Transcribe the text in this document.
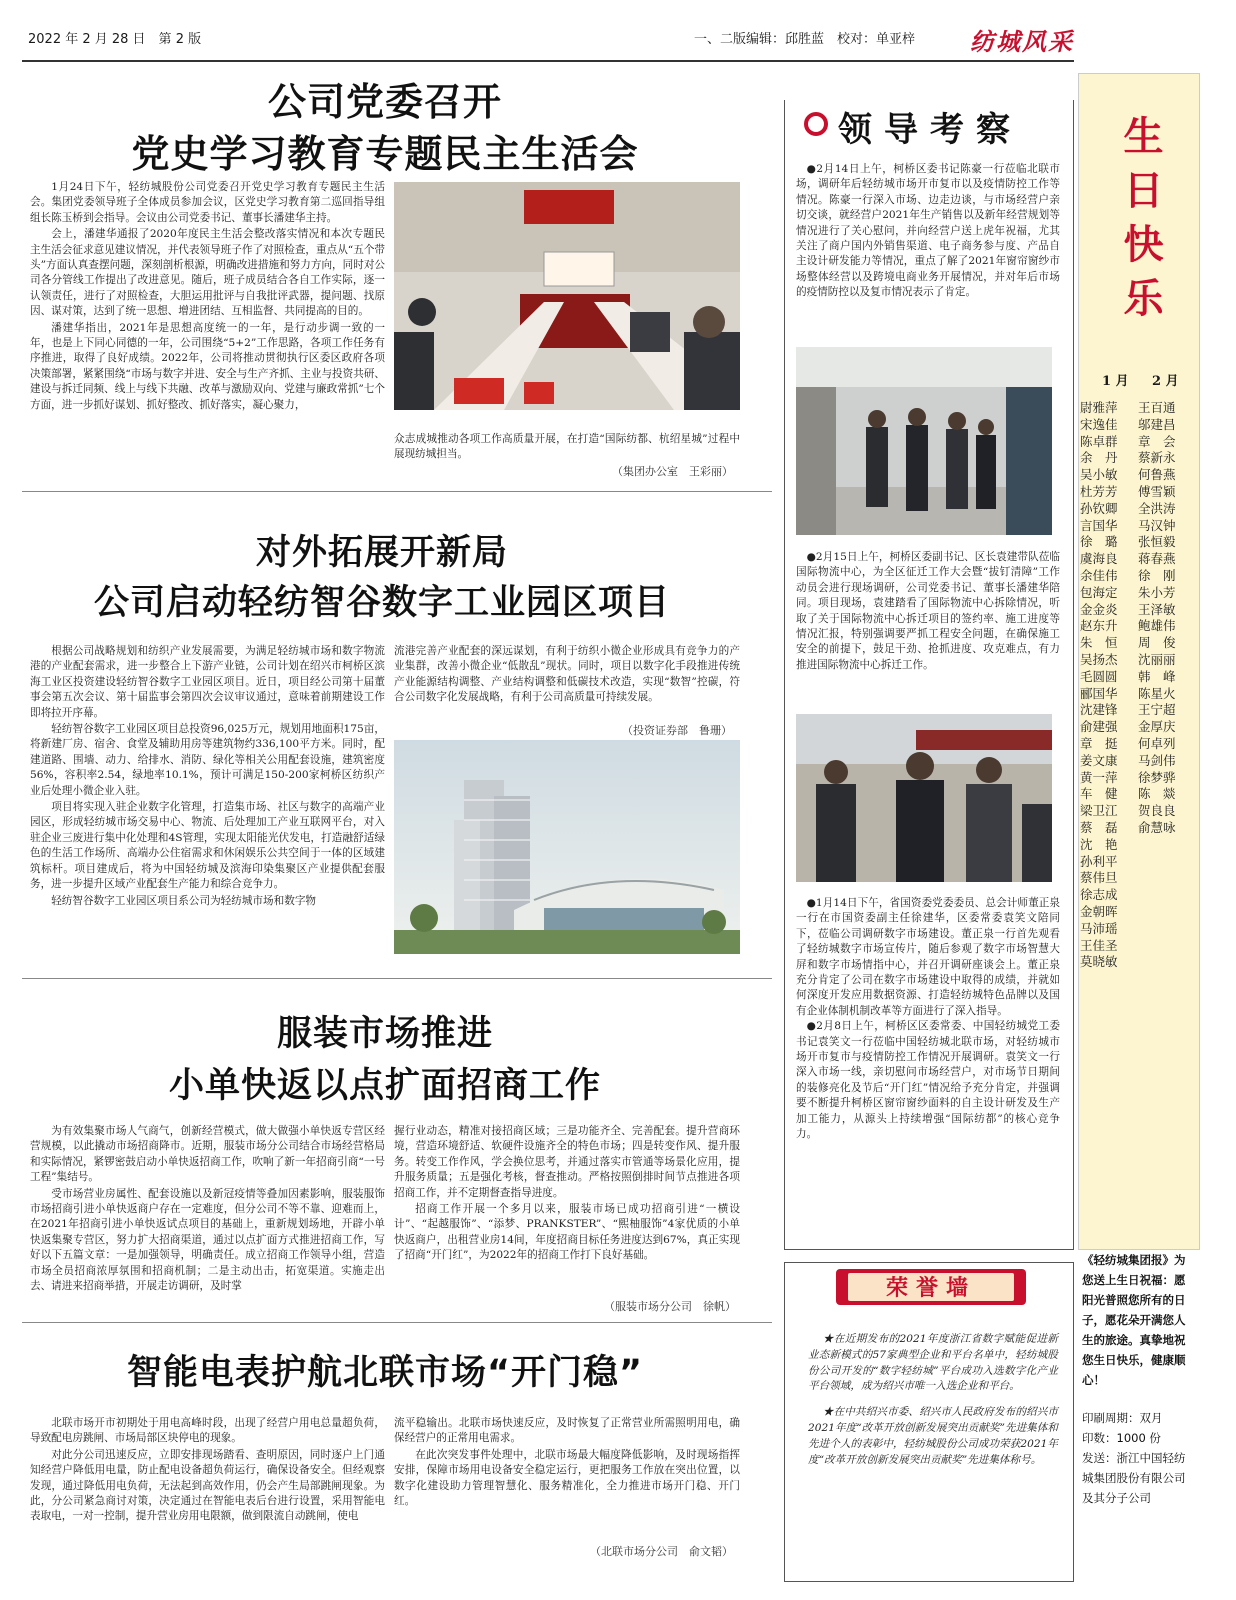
2022 年 2 月 28 日　第 2 版	一、二版编辑：邱胜蓝　校对：单亚梓 纺城风采
公司党委召开
党史学习教育专题民主生活会

1月24日下午，轻纺城股份公司党委召开党史学习教育专题民主生活会。集团党委领导班子全体成员参加会议，区党史学习教育第二巡回指导组组长陈玉桥到会指导。会议由公司党委书记、董事长潘建华主持。

会上，潘建华通报了2020年度民主生活会整改落实情况和本次专题民主生活会征求意见建议情况，并代表领导班子作了对照检查，重点从“五个带头”方面认真查摆问题，深刻剖析根源，明确改进措施和努力方向，同时对公司各分管线工作提出了改进意见。随后，班子成员结合各自工作实际，逐一认领责任，进行了对照检查，大胆运用批评与自我批评武器，提问题、找原因、谋对策，达到了统一思想、增进团结、互相监督、共同提高的目的。

潘建华指出，2021年是思想高度统一的一年，是行动步调一致的一年，也是上下同心同德的一年，公司围绕“5+2”工作思路，各项工作任务有序推进，取得了良好成绩。2022年，公司将推动贯彻执行区委区政府各项决策部署，紧紧围绕“市场与数字并进、安全与生产齐抓、主业与投资共研、建设与拆迁同频、线上与线下共融、改革与激励双向、党建与廉政常抓”七个方面，进一步抓好谋划、抓好整改、抓好落实，凝心聚力，

众志成城推动各项工作高质量开展，在打造“国际纺都、杭绍星城”过程中展现纺城担当。

（集团办公室　王彩丽）
对外拓展开新局
公司启动轻纺智谷数字工业园区项目

根据公司战略规划和纺织产业发展需要，为满足轻纺城市场和数字物流港的产业配套需求，进一步整合上下游产业链，公司计划在绍兴市柯桥区滨海工业区投资建设轻纺智谷数字工业园区项目。近日，项目经公司第十届董事会第五次会议、第十届监事会第四次会议审议通过，意味着前期建设工作即将拉开序幕。

轻纺智谷数字工业园区项目总投资96,025万元，规划用地面积175亩，将新建厂房、宿舍、食堂及辅助用房等建筑物约336,100平方米。同时，配建道路、围墙、动力、给排水、消防、绿化等相关公用配套设施，建筑密度56%，容积率2.54，绿地率10.1%，预计可满足150-200家柯桥区纺织产业后处理小微企业入驻。

项目将实现入驻企业数字化管理，打造集市场、社区与数字的高端产业园区，形成轻纺城市场交易中心、物流、后处理加工产业互联网平台，对入驻企业三废进行集中化处理和4S管理，实现太阳能光伏发电，打造融舒适绿色的生活工作场所、高端办公住宿需求和休闲娱乐公共空间于一体的区域建筑标杆。项目建成后，将为中国轻纺城及滨海印染集聚区产业提供配套服务，进一步提升区域产业配套生产能力和综合竞争力。

轻纺智谷数字工业园区项目系公司为轻纺城市场和数字物

流港完善产业配套的深远谋划，有利于纺织小微企业形成具有竞争力的产业集群，改善小微企业“低散乱”现状。同时，项目以数字化手段推进传统产业能源结构调整、产业结构调整和低碳技术改造，实现“数智”控碳，符合公司数字化发展战略，有利于公司高质量可持续发展。

（投资证券部　鲁珊）
服装市场推进
小单快返以点扩面招商工作

为有效集聚市场人气商气，创新经营模式，做大做强小单快返专营区经营规模，以此撬动市场招商降市。近期，服装市场分公司结合市场经营格局和实际情况，紧锣密鼓启动小单快返招商工作，吹响了新一年招商引商“一号工程”集结号。

受市场营业房属性、配套设施以及新冠疫情等叠加因素影响，服装服饰市场招商引进小单快返商户存在一定难度，但分公司不等不靠、迎难而上，在2021年招商引进小单快返试点项目的基础上，重新规划场地，开辟小单快返集聚专营区，努力扩大招商渠道，通过以点扩面方式推进招商工作，写好以下五篇文章：一是加强领导，明确责任。成立招商工作领导小组，营造市场全员招商浓厚氛围和招商机制；二是主动出击，拓宽渠道。实施走出去、请进来招商举措，开展走访调研，及时掌

握行业动态，精准对接招商区域；三是功能齐全、完善配套。提升营商环境，营造环境舒适、软硬件设施齐全的特色市场；四是转变作风、提升服务。转变工作作风，学会换位思考，并通过落实市管通等场景化应用，提升服务质量；五是强化考核，督查推动。严格按照倒排时间节点推进各项招商工作，并不定期督查指导进度。

招商工作开展一个多月以来，服装市场已成功招商引进“一横设计”、“起越服饰”、“添梦、PRANKSTER”、“熙柚服饰”4家优质的小单快返商户，出租营业房14间，年度招商目标任务进度达到67%，真正实现了招商“开门红”，为2022年的招商工作打下良好基础。

（服装市场分公司　徐帆）
智能电表护航北联市场“开门稳”

北联市场开市初期处于用电高峰时段，出现了经营户用电总量超负荷，导致配电房跳闸、市场局部区块停电的现象。

对此分公司迅速反应，立即安排现场踏看、查明原因，同时逐户上门通知经营户降低用电量，防止配电设备超负荷运行，确保设备安全。但经观察发现，通过降低用电负荷，无法起到高效作用，仍会产生局部跳闸现象。为此，分公司紧急商讨对策，决定通过在智能电表后台进行设置，采用智能电表取电，一对一控制，提升营业房用电限额，做到限流自动跳闸，使电

流平稳输出。北联市场快速反应，及时恢复了正常营业所需照明用电，确保经营户的正常用电需求。

在此次突发事件处理中，北联市场最大幅度降低影响，及时现场指挥安排，保障市场用电设备安全稳定运行，更把服务工作放在突出位置，以数字化建设助力管理智慧化、服务精准化，全力推进市场开门稳、开门红。

（北联市场分公司　俞文韬）
领导考察

●2月14日上午，柯桥区委书记陈豪一行莅临北联市场，调研年后轻纺城市场开市复市以及疫情防控工作等情况。陈豪一行深入市场、边走边谈，与市场经营户亲切交谈，就经营户2021年生产销售以及新年经营规划等情况进行了关心慰问，并向经营户送上虎年祝福，尤其关注了商户国内外销售渠道、电子商务参与度、产品自主设计研发能力等情况，重点了解了2021年窗帘窗纱市场整体经营以及跨境电商业务开展情况，并对年后市场的疫情防控以及复市情况表示了肯定。

●2月15日上午，柯桥区委副书记、区长袁建带队莅临国际物流中心，为全区征迁工作大会暨“拔钉清障”工作动员会进行现场调研，公司党委书记、董事长潘建华陪同。项目现场，袁建踏看了国际物流中心拆除情况，听取了关于国际物流中心拆迁项目的签约率、施工进度等情况汇报，特别强调要严抓工程安全问题，在确保施工安全的前提下，鼓足干劲、抢抓进度、攻克难点，有力推进国际物流中心拆迁工作。

●1月14日下午，省国资委党委委员、总会计师董正泉一行在市国资委副主任徐建华，区委常委袁笑文陪同下，莅临公司调研数字市场建设。董正泉一行首先观看了轻纺城数字市场宣传片，随后参观了数字市场智慧大屏和数字市场情指中心，并召开调研座谈会上。董正泉充分肯定了公司在数字市场建设中取得的成绩，并就如何深度开发应用数据资源、打造轻纺城特色品牌以及国有企业体制机制改革等方面进行了深入指导。

●2月8日上午，柯桥区区委常委、中国轻纺城党工委书记袁笑文一行莅临中国轻纺城北联市场，对轻纺城市场开市复市与疫情防控工作情况开展调研。袁笑文一行深入市场一线，亲切慰问市场经营户，对市场节日期间的装修亮化及节后“开门红”情况给予充分肯定，并强调要不断提升柯桥区窗帘窗纱面料的自主设计研发及生产加工能力，从源头上持续增强“国际纺都”的核心竞争力。

荣誉墙

★在近期发布的2021年度浙江省数字赋能促进新业态新模式的57家典型企业和平台名单中，轻纺城股份公司开发的“数字轻纺城”平台成功入选数字化产业平台领域，成为绍兴市唯一入选企业和平台。

★在中共绍兴市委、绍兴市人民政府发布的绍兴市2021年度“改革开放创新发展突出贡献奖”先进集体和先进个人的表彰中，轻纺城股份公司成功荣获2021年度“改革开放创新发展突出贡献奖”先进集体称号。

生日快乐
1 月 2 月
尉雅萍
宋逸佳
陈卓群
余　丹
吴小敏
杜芳芳
孙钦卿
言国华
徐　璐
虞海良
余佳伟
包海定
金金炎
赵东升
朱　恒
吴扬杰
毛圆圆
郦国华
沈建锋
俞建强
章　挺
姜文康
黄一萍
车　健
梁卫江
蔡　磊
沈　艳
孙利平
蔡伟旦
徐志成
金朝晖
马沛瑶
王佳圣
莫晓敏
王百通
邬建昌
章　会
蔡新永
何鲁燕
傅雪颖
全洪涛
马汉钟
张恒毅
蒋春燕
徐　刚
朱小芳
王泽敏
鲍雄伟
周　俊
沈丽丽
韩　峰
陈星火
王宁超
金厚庆
何卓列
马剑伟
徐梦骅
陈　燚
贺良良
俞慧咏
《轻纺城集团报》为您送上生日祝福：愿阳光普照您所有的日子，愿花朵开满您人生的旅途。真挚地祝您生日快乐，健康顺心！
印刷周期：双月
印数：1000 份
发送：浙江中国轻纺城集团股份有限公司及其分子公司
